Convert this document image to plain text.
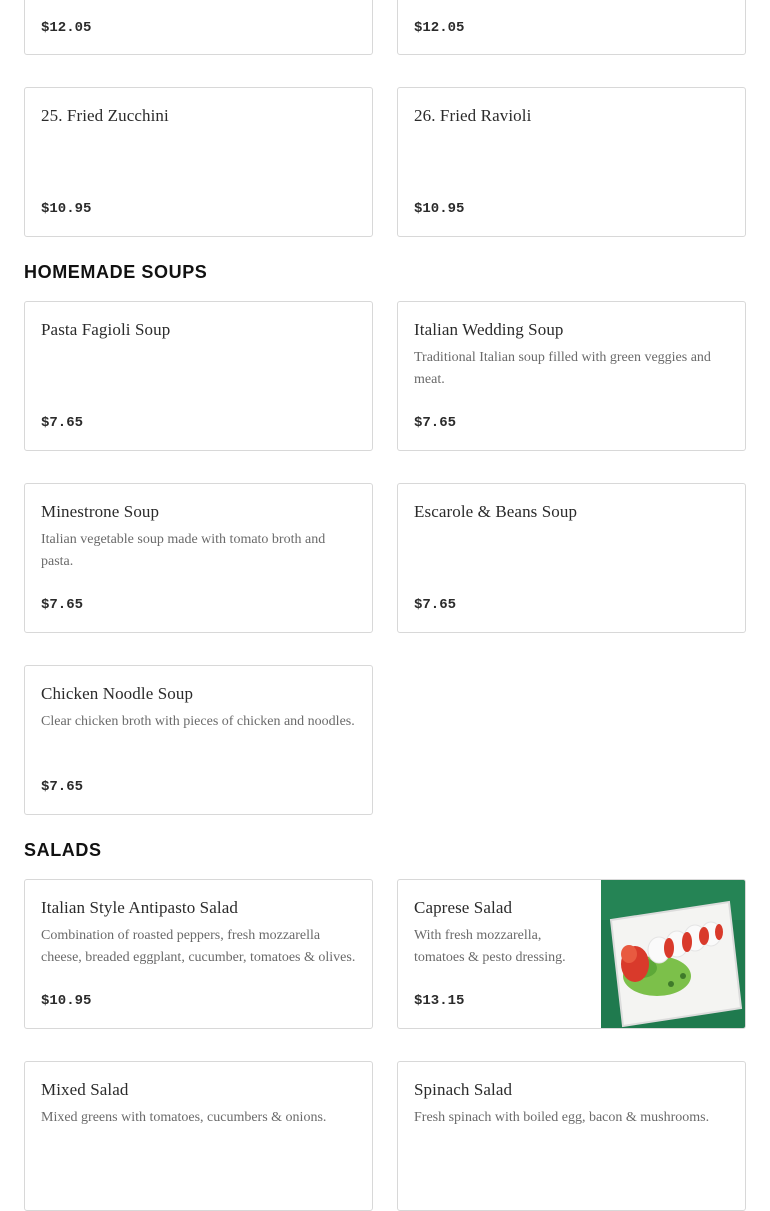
$12.05	$12.05
25. Fried Zucchini
$10.95
26. Fried Ravioli
$10.95
HOMEMADE SOUPS
Pasta Fagioli Soup
$7.65
Italian Wedding Soup
Traditional Italian soup filled with green veggies and meat.
$7.65
Minestrone Soup
Italian vegetable soup made with tomato broth and pasta.
$7.65
Escarole & Beans Soup
$7.65
Chicken Noodle Soup
Clear chicken broth with pieces of chicken and noodles.
$7.65
SALADS
Italian Style Antipasto Salad
Combination of roasted peppers, fresh mozzarella cheese, breaded eggplant, cucumber, tomatoes & olives.
$10.95
Caprese Salad
With fresh mozzarella, tomatoes & pesto dressing.
$13.15
Mixed Salad
Mixed greens with tomatoes, cucumbers & onions.
Spinach Salad
Fresh spinach with boiled egg, bacon & mushrooms.
